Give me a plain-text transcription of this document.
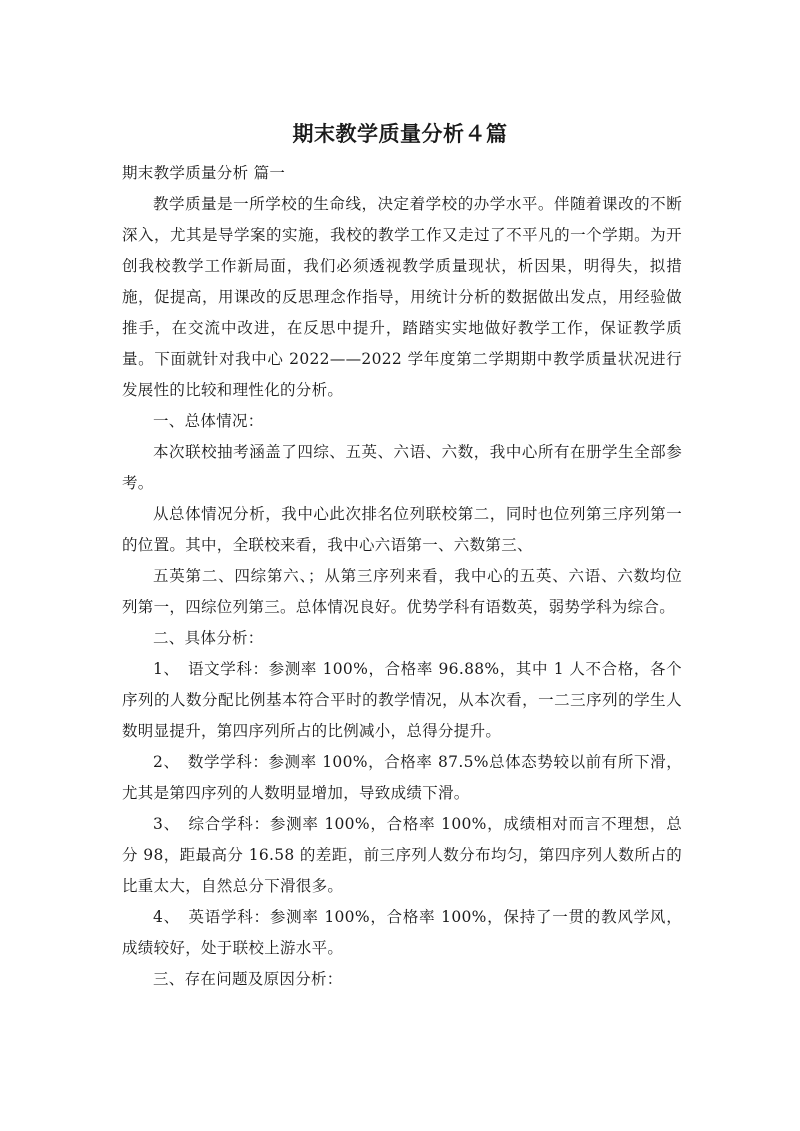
期末教学质量分析４篇

期末教学质量分析 篇一

教学质量是一所学校的生命线，决定着学校的办学水平。伴随着课改的不断深入，尤其是导学案的实施，我校的教学工作又走过了不平凡的一个学期。为开创我校教学工作新局面，我们必须透视教学质量现状，析因果，明得失，拟措施，促提高，用课改的反思理念作指导，用统计分析的数据做出发点，用经验做推手，在交流中改进，在反思中提升，踏踏实实地做好教学工作，保证教学质量。下面就针对我中心 2022——2022 学年度第二学期期中教学质量状况进行发展性的比较和理性化的分析。

一、总体情况：

本次联校抽考涵盖了四综、五英、六语、六数，我中心所有在册学生全部参考。

从总体情况分析，我中心此次排名位列联校第二，同时也位列第三序列第一的位置。其中，全联校来看，我中心六语第一、六数第三、

五英第二、四综第六、；从第三序列来看，我中心的五英、六语、六数均位列第一，四综位列第三。总体情况良好。优势学科有语数英，弱势学科为综合。

二、具体分析：

1、　语文学科：参测率 100%，合格率 96.88%，其中 1 人不合格，各个序列的人数分配比例基本符合平时的教学情况，从本次看，一二三序列的学生人数明显提升，第四序列所占的比例减小，总得分提升。

2、　数学学科：参测率 100%，合格率 87.5%总体态势较以前有所下滑，尤其是第四序列的人数明显增加，导致成绩下滑。

3、　综合学科：参测率 100%，合格率 100%，成绩相对而言不理想，总分 98，距最高分 16.58 的差距，前三序列人数分布均匀，第四序列人数所占的比重太大，自然总分下滑很多。

4、　英语学科：参测率 100%，合格率 100%，保持了一贯的教风学风，成绩较好，处于联校上游水平。

三、存在问题及原因分析：
